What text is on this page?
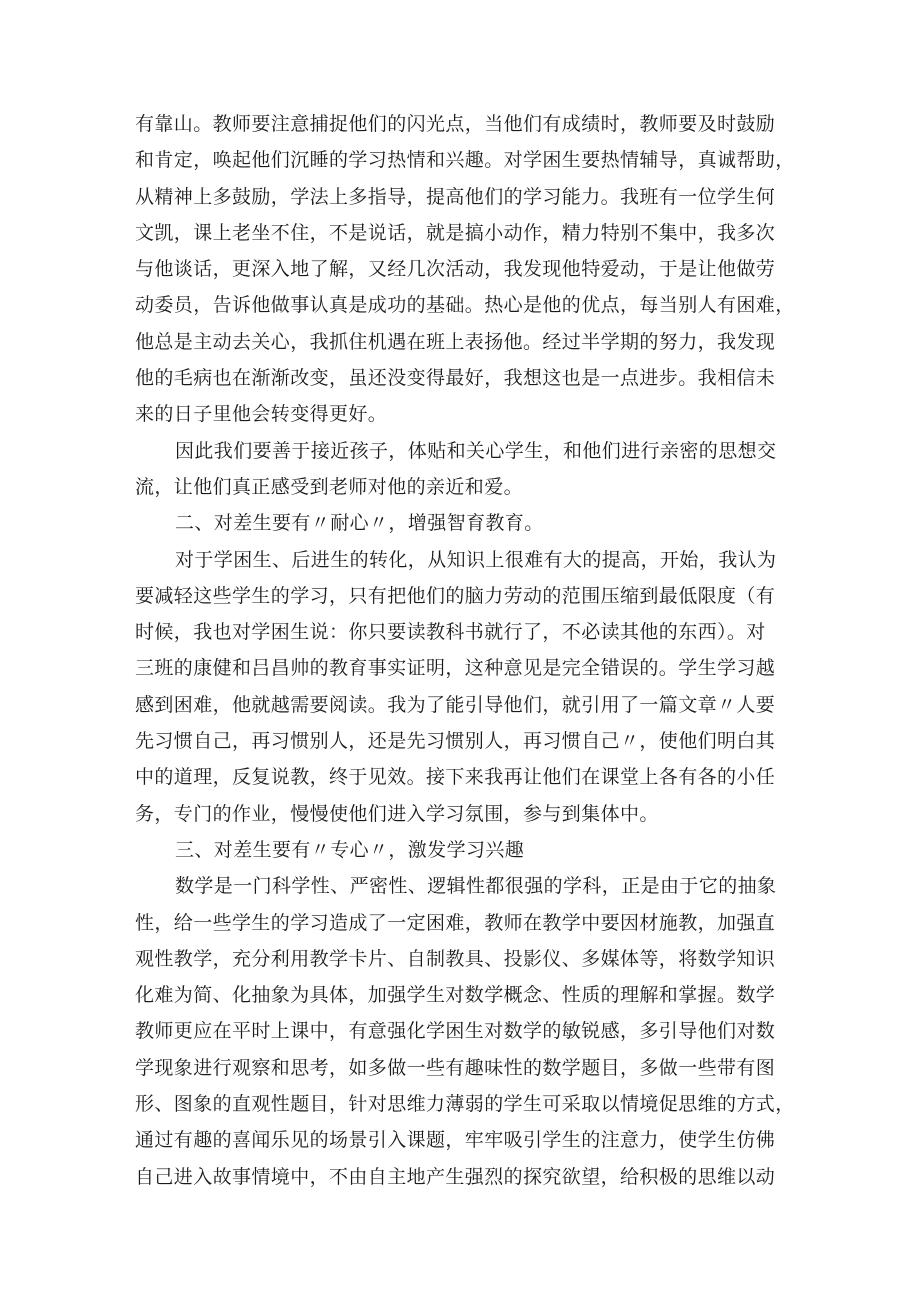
有靠山。教师要注意捕捉他们的闪光点，当他们有成绩时，教师要及时鼓励
和肯定，唤起他们沉睡的学习热情和兴趣。对学困生要热情辅导，真诚帮助，
从精神上多鼓励，学法上多指导，提高他们的学习能力。我班有一位学生何
文凯，课上老坐不住，不是说话，就是搞小动作，精力特别不集中，我多次
与他谈话，更深入地了解，又经几次活动，我发现他特爱动，于是让他做劳
动委员，告诉他做事认真是成功的基础。热心是他的优点，每当别人有困难，
他总是主动去关心，我抓住机遇在班上表扬他。经过半学期的努力，我发现
他的毛病也在渐渐改变，虽还没变得最好，我想这也是一点进步。我相信未
来的日子里他会转变得更好。
因此我们要善于接近孩子，体贴和关心学生，和他们进行亲密的思想交
流，让他们真正感受到老师对他的亲近和爱。
二、对差生要有〃耐心〃，增强智育教育。
对于学困生、后进生的转化，从知识上很难有大的提高，开始，我认为
要减轻这些学生的学习，只有把他们的脑力劳动的范围压缩到最低限度（有
时候，我也对学困生说：你只要读教科书就行了，不必读其他的东西）。对
三班的康健和吕昌帅的教育事实证明，这种意见是完全错误的。学生学习越
感到困难，他就越需要阅读。我为了能引导他们，就引用了一篇文章〃人要
先习惯自己，再习惯别人，还是先习惯别人，再习惯自己〃，使他们明白其
中的道理，反复说教，终于见效。接下来我再让他们在课堂上各有各的小任
务，专门的作业，慢慢使他们进入学习氛围，参与到集体中。
三、对差生要有〃专心〃，激发学习兴趣
数学是一门科学性、严密性、逻辑性都很强的学科，正是由于它的抽象
性，给一些学生的学习造成了一定困难，教师在教学中要因材施教，加强直
观性教学，充分利用教学卡片、自制教具、投影仪、多媒体等，将数学知识
化难为简、化抽象为具体，加强学生对数学概念、性质的理解和掌握。数学
教师更应在平时上课中，有意强化学困生对数学的敏锐感，多引导他们对数
学现象进行观察和思考，如多做一些有趣味性的数学题目，多做一些带有图
形、图象的直观性题目，针对思维力薄弱的学生可采取以情境促思维的方式，
通过有趣的喜闻乐见的场景引入课题，牢牢吸引学生的注意力，使学生仿佛
自己进入故事情境中，不由自主地产生强烈的探究欲望，给积极的思维以动
